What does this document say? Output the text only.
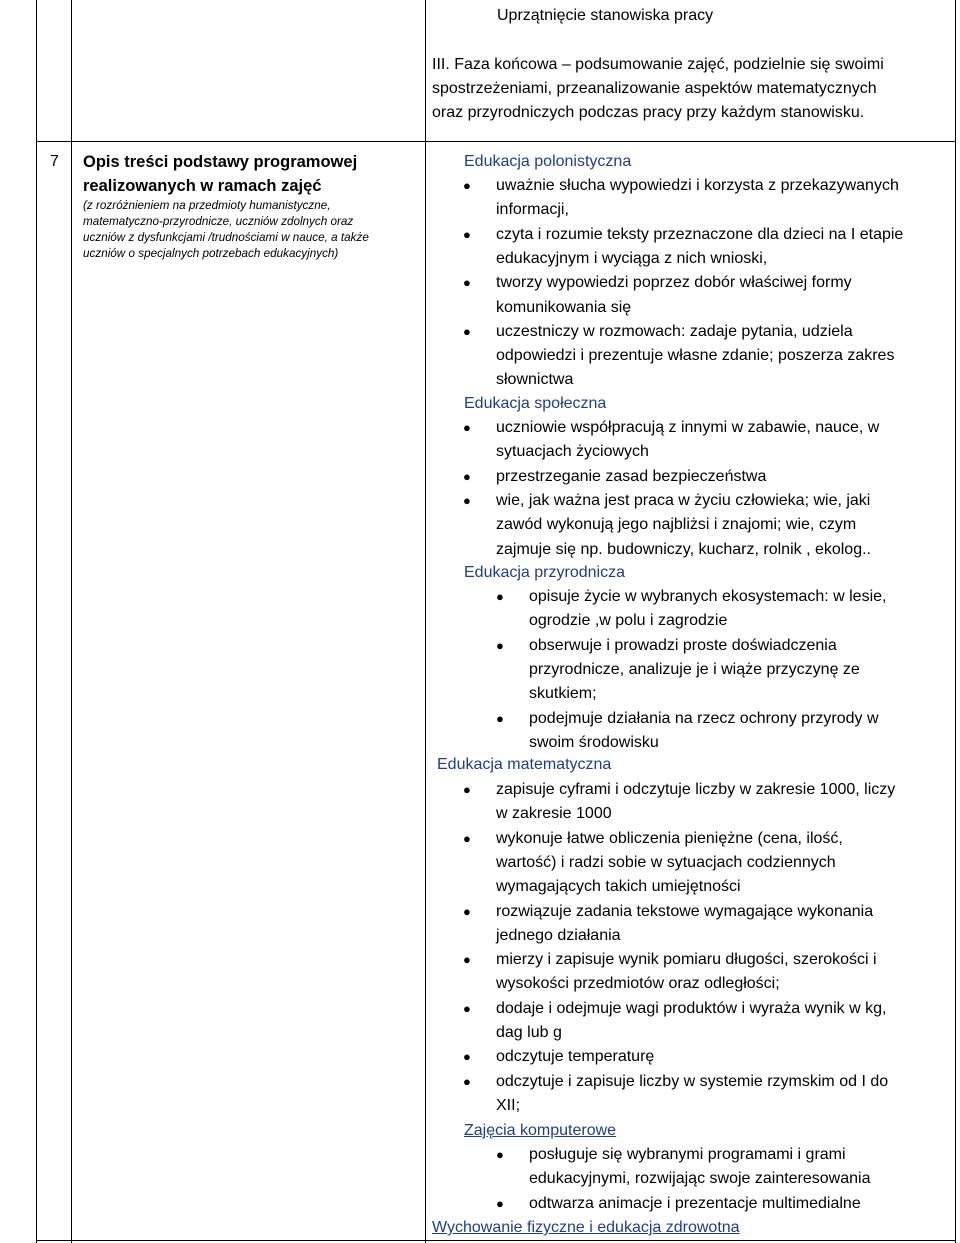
Uprzątnięcie stanowiska pracy
III. Faza końcowa – podsumowanie zajęć, podzielnie się swoimi
spostrzeżeniami, przeanalizowanie aspektów matematycznych
oraz przyrodniczych podczas pracy przy każdym stanowisku.
7 Opis treści podstawy programowej
realizowanych w ramach zajęć
(z rozróżnieniem na przedmioty humanistyczne,
matematyczno-przyrodnicze, uczniów zdolnych oraz
uczniów z dysfunkcjami /trudnościami w nauce, a także
uczniów o specjalnych potrzebach edukacyjnych)
Edukacja polonistyczna
Edukacja społeczna
Edukacja przyrodnicza
Edukacja matematyczna
Zajęcia komputerowe
Wychowanie fizyczne i edukacja zdrowotna
● uważnie słucha wypowiedzi i korzysta z przekazywanych
informacji,
● czyta i rozumie teksty przeznaczone dla dzieci na I etapie
edukacyjnym i wyciąga z nich wnioski,
● tworzy wypowiedzi poprzez dobór właściwej formy
komunikowania się
● uczestniczy w rozmowach: zadaje pytania, udziela
odpowiedzi i prezentuje własne zdanie; poszerza zakres
słownictwa
● uczniowie współpracują z innymi w zabawie, nauce, w
sytuacjach życiowych
● przestrzeganie zasad bezpieczeństwa
● wie, jak ważna jest praca w życiu człowieka; wie, jaki
zawód wykonują jego najbliżsi i znajomi; wie, czym
zajmuje się np. budowniczy, kucharz, rolnik , ekolog..
● opisuje życie w wybranych ekosystemach: w lesie,
ogrodzie ,w polu i zagrodzie
● obserwuje i prowadzi proste doświadczenia
przyrodnicze, analizuje je i wiąże przyczynę ze
skutkiem;
● podejmuje działania na rzecz ochrony przyrody w
swoim środowisku
● zapisuje cyframi i odczytuje liczby w zakresie 1000, liczy
w zakresie 1000
● wykonuje łatwe obliczenia pieniężne (cena, ilość,
wartość) i radzi sobie w sytuacjach codziennych
wymagających takich umiejętności
● rozwiązuje zadania tekstowe wymagające wykonania
jednego działania
● mierzy i zapisuje wynik pomiaru długości, szerokości i
wysokości przedmiotów oraz odległości;
● dodaje i odejmuje wagi produktów i wyraża wynik w kg,
dag lub g
● odczytuje temperaturę
● odczytuje i zapisuje liczby w systemie rzymskim od I do
XII;
● posługuje się wybranymi programami i grami
edukacyjnymi, rozwijając swoje zainteresowania
● odtwarza animacje i prezentacje multimedialne
